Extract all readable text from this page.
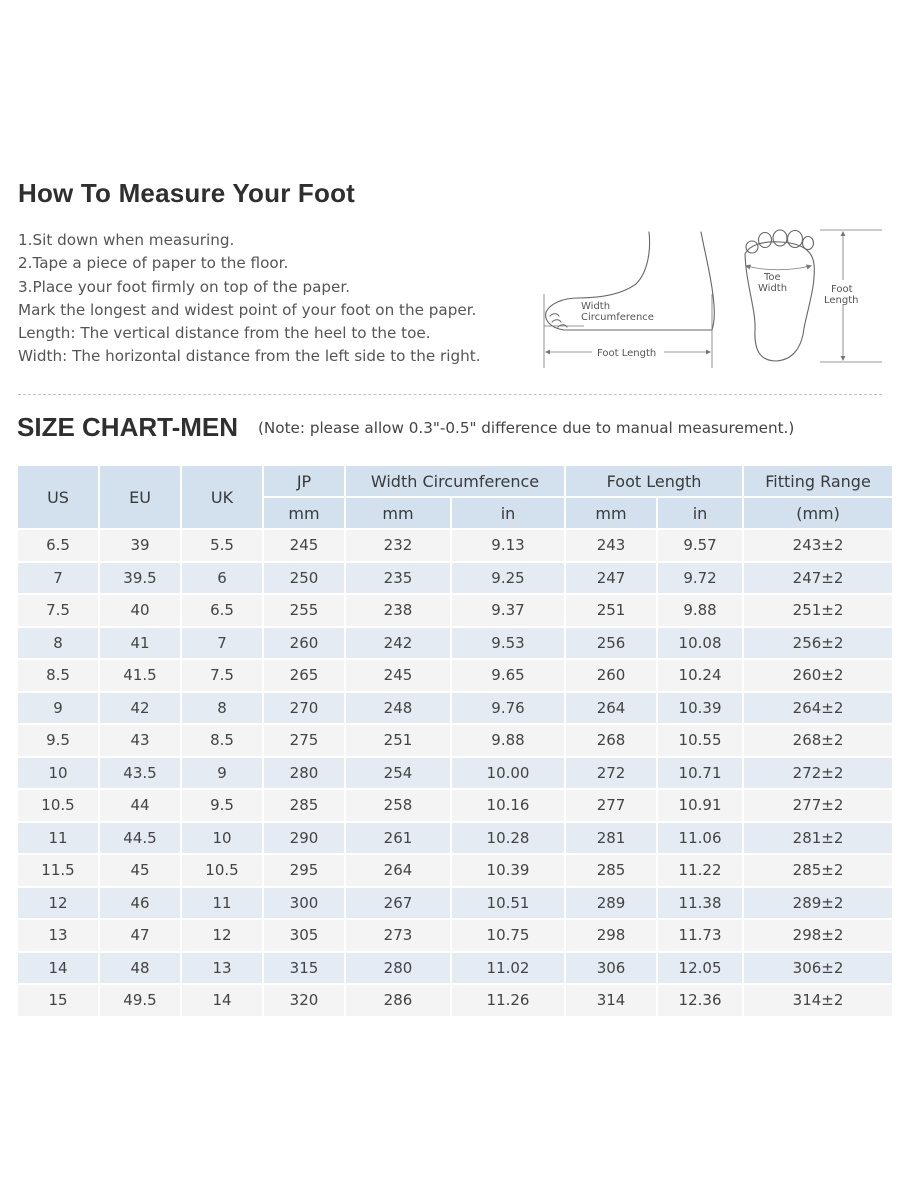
How To Measure Your Foot
1.Sit down when measuring.
2.Tape a piece of paper to the floor.
3.Place your foot firmly on top of the paper.
Mark the longest and widest point of your foot on the paper.
Length: The vertical distance from the heel to the toe.
Width: The horizontal distance from the left side to the right.
Width
Circumference
Foot Length
Toe
Width	Foot
Length
SIZE CHART-MEN (Note: please allow 0.3"-0.5" difference due to manual measurement.)
US	EU	UK	JP	Width Circumference		Foot Length		Fitting Range
			mm	mm	in	mm	in	(mm)
6.5	39	5.5	245	232	9.13	243	9.57	243±2
7	39.5	6	250	235	9.25	247	9.72	247±2
7.5	40	6.5	255	238	9.37	251	9.88	251±2
8	41	7	260	242	9.53	256	10.08	256±2
8.5	41.5	7.5	265	245	9.65	260	10.24	260±2
9	42	8	270	248	9.76	264	10.39	264±2
9.5	43	8.5	275	251	9.88	268	10.55	268±2
10	43.5	9	280	254	10.00	272	10.71	272±2
10.5	44	9.5	285	258	10.16	277	10.91	277±2
11	44.5	10	290	261	10.28	281	11.06	281±2
11.5	45	10.5	295	264	10.39	285	11.22	285±2
12	46	11	300	267	10.51	289	11.38	289±2
13	47	12	305	273	10.75	298	11.73	298±2
14	48	13	315	280	11.02	306	12.05	306±2
15	49.5	14	320	286	11.26	314	12.36	314±2
